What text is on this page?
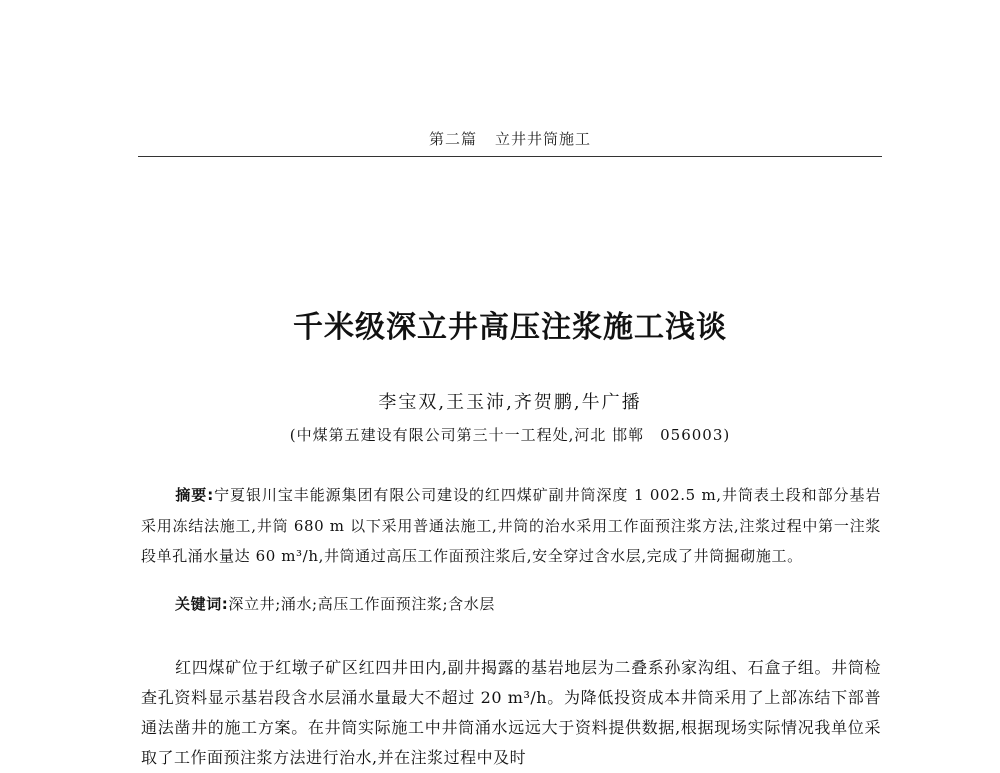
第二篇 立井井筒施工
千米级深立井高压注浆施工浅谈
李宝双,王玉沛,齐贺鹏,牛广播
(中煤第五建设有限公司第三十一工程处,河北 邯郸　056003)
摘要:宁夏银川宝丰能源集团有限公司建设的红四煤矿副井筒深度 1 002.5 m,井筒表土段和部分基岩采用冻结法施工,井筒 680 m 以下采用普通法施工,井筒的治水采用工作面预注浆方法,注浆过程中第一注浆段单孔涌水量达 60 m³/h,井筒通过高压工作面预注浆后,安全穿过含水层,完成了井筒掘砌施工。
关键词:深立井;涌水;高压工作面预注浆;含水层
红四煤矿位于红墩子矿区红四井田内,副井揭露的基岩地层为二叠系孙家沟组、石盒子组。井筒检查孔资料显示基岩段含水层涌水量最大不超过 20 m³/h。为降低投资成本井筒采用了上部冻结下部普通法凿井的施工方案。在井筒实际施工中井筒涌水远远大于资料提供数据,根据现场实际情况我单位采取了工作面预注浆方法进行治水,并在注浆过程中及时
